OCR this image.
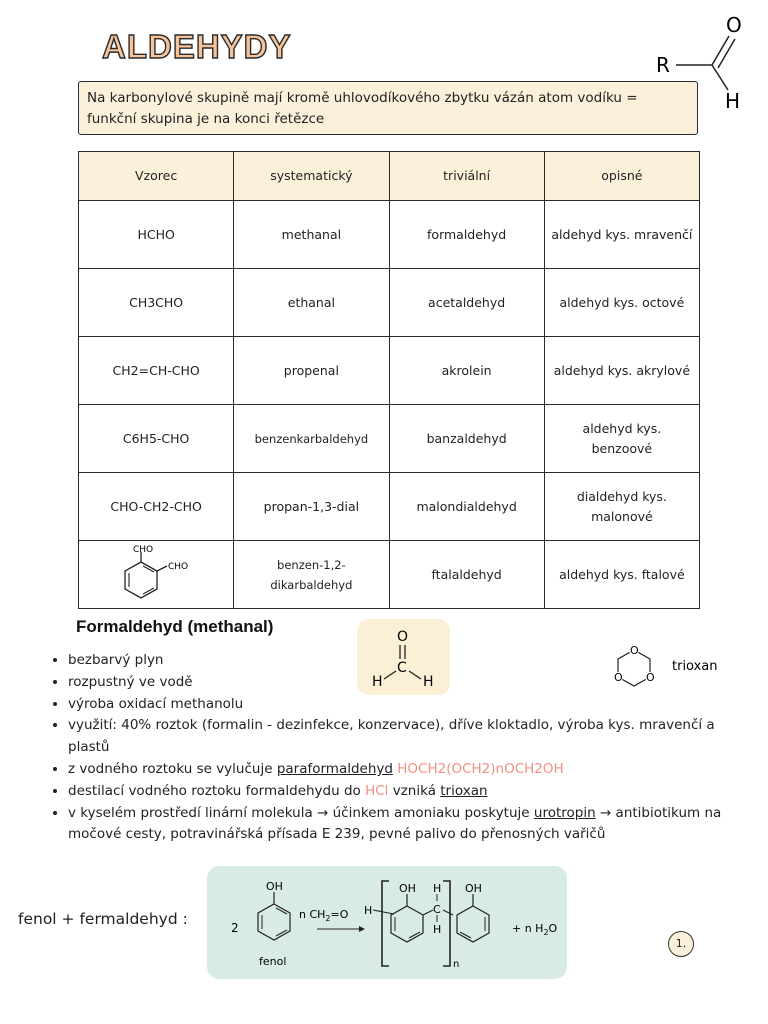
ALDEHYDY	R
O
H
Na karbonylové skupině mají kromě uhlovodíkového zbytku vázán atom vodíku = funkční skupina je na konci řetězce
Vzorec	systematický	triviální	opisné
HCHO	methanal	formaldehyd	aldehyd kys. mravenčí
CH3CHO	ethanal	acetaldehyd	aldehyd kys. octové
CH2=CH-CHO	propenal	akrolein	aldehyd kys. akrylové
C6H5-CHO	benzenkarbaldehyd	banzaldehyd	aldehyd kys. benzoové
CHO-CH2-CHO	propan-1,3-dial	malondialdehyd	dialdehyd kys. malonové

CHO
CHO	benzen-1,2-dikarbaldehyd	ftalaldehyd	aldehyd kys. ftalové
Formaldehyd (methanal)
O
C
H	H
O
O
O
trioxan
• bezbarvý plyn
• rozpustný ve vodě
• výroba oxidací methanolu
• využití: 40% roztok (formalin - dezinfekce, konzervace), dříve kloktadlo, výroba kys. mravenčí a plastů
• z vodného roztoku se vylučuje paraformaldehyd HOCH2(OCH2)nOCH2OH
• destilací vodného roztoku formaldehydu do HCl vzniká trioxan
• v kyselém prostředí linární molekula → účinkem amoniaku poskytuje urotropin → antibiotikum na močové cesty, potravinářská přísada E 239, pevné palivo do přenosných vařičů
fenol + fermaldehyd :	2
OH
fenol
n $CH_2=O$ H
OH H
C
H
n
OH
+ n $H_2O$
1.
